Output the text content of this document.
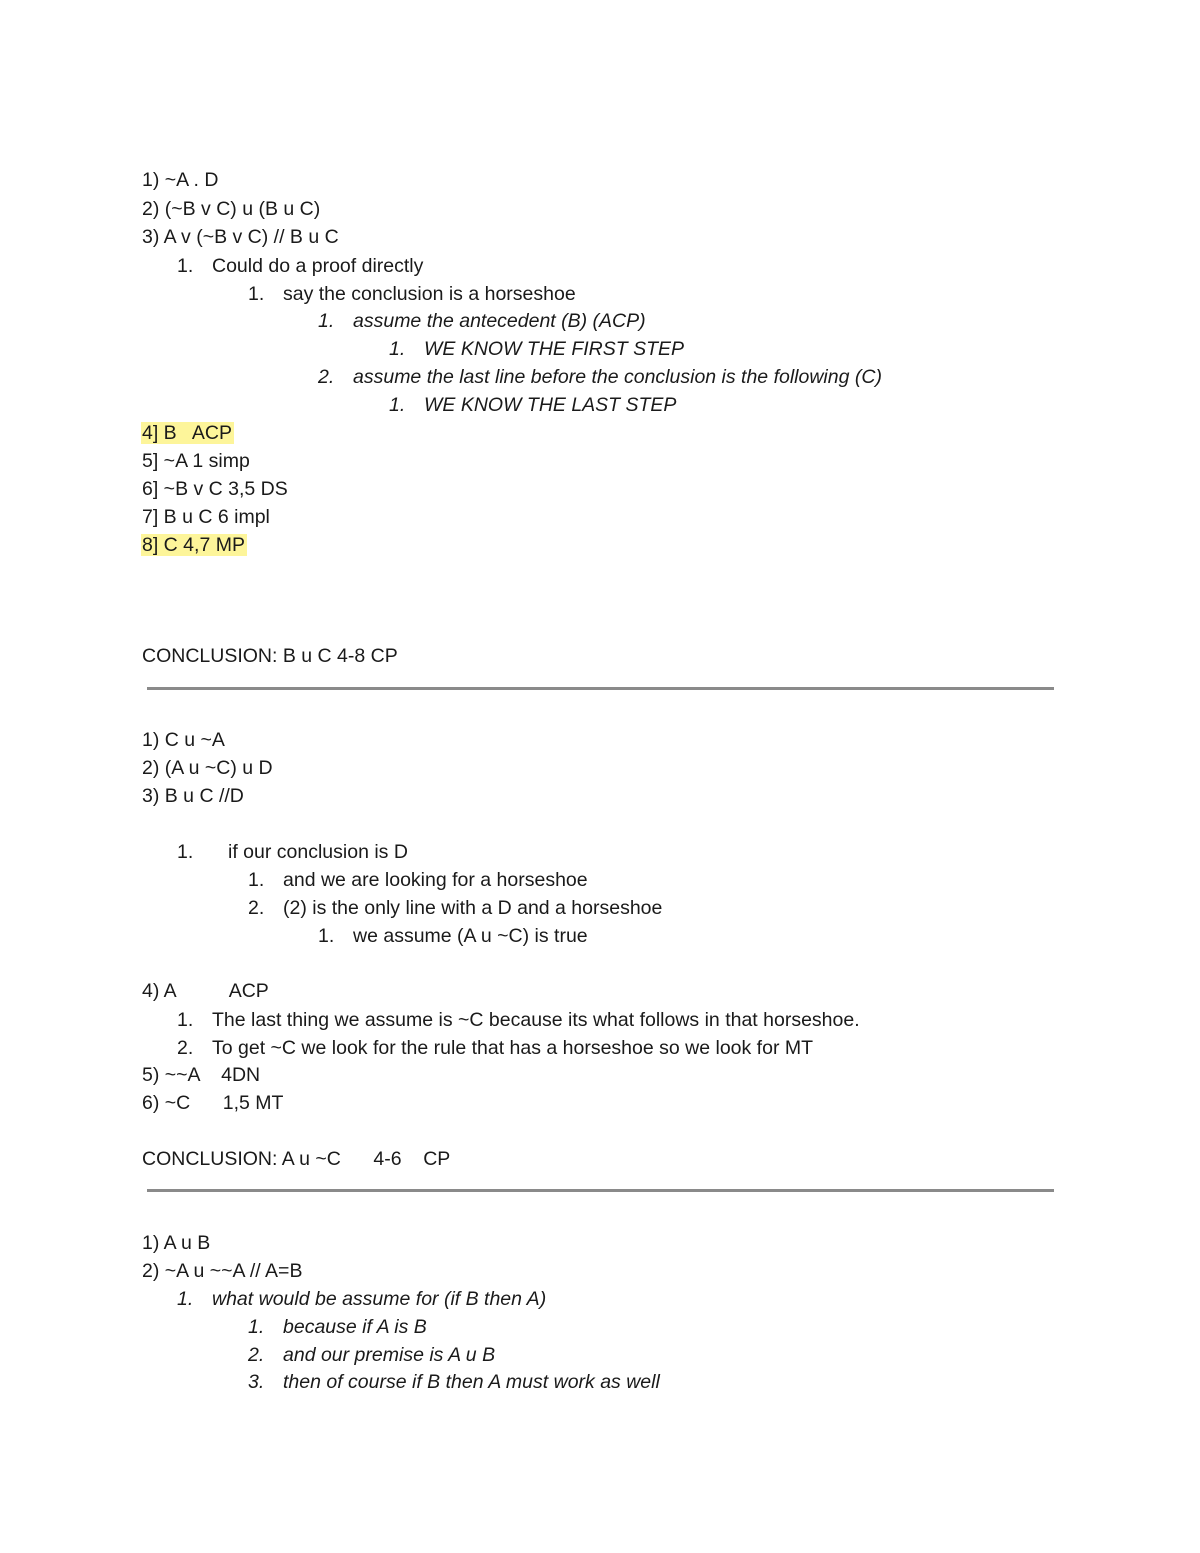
1) ~A . D
2) (~B v C) u (B u C)
3) A v (~B v C) // B u C
1. Could do a proof directly
1. say the conclusion is a horseshoe
1. assume the antecedent (B) (ACP)
1. WE KNOW THE FIRST STEP
2. assume the last line before the conclusion is the following (C)
1. WE KNOW THE LAST STEP
4] B   ACP
5] ~A 1 simp
6] ~B v C 3,5 DS
7] B u C 6 impl
8] C 4,7 MP
CONCLUSION: B u C 4-8 CP
1) C u ~A
2) (A u ~C) u D
3) B u C //D
1. if our conclusion is D
1. and we are looking for a horseshoe
2. (2) is the only line with a D and a horseshoe
1. we assume (A u ~C) is true
4) A          ACP
1. The last thing we assume is ~C because its what follows in that horseshoe.
2. To get ~C we look for the rule that has a horseshoe so we look for MT
5) ~~A    4DN
6) ~C      1,5 MT
CONCLUSION: A u ~C      4-6    CP
1) A u B
2) ~A u ~~A // A=B
1. what would be assume for (if B then A)
1. because if A is B
2. and our premise is A u B
3. then of course if B then A must work as well
